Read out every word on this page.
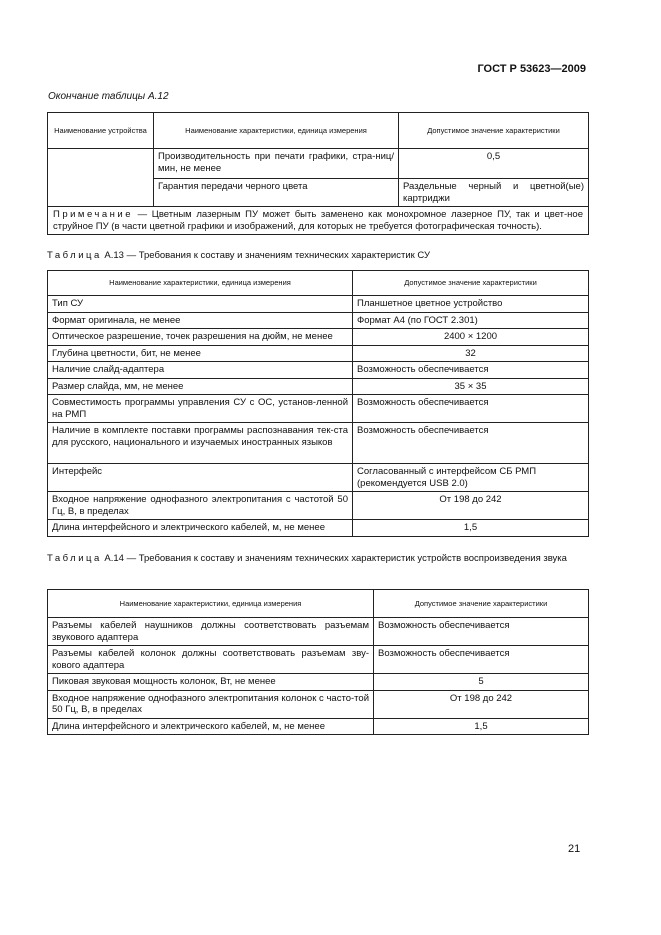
ГОСТ Р 53623—2009
Окончание таблицы А.12
Наименование устройства	Наименование характеристики, единица измерения	Допустимое значение характеристики
	Производительность при печати графики, стра-ниц/мин, не менее	0,5
	Гарантия передачи черного цвета	Раздельные черный и цветной(ые) картриджи
Примечание — Цветным лазерным ПУ может быть заменено как монохромное лазерное ПУ, так и цвет-ное струйное ПУ (в части цветной графики и изображений, для которых не требуется фотографическая точность).		
Таблица А.13 — Требования к составу и значениям технических характеристик СУ
Наименование характеристики, единица измерения	Допустимое значение характеристики
Тип СУ	Планшетное цветное устройство
Формат оригинала, не менее	Формат А4 (по ГОСТ 2.301)
Оптическое разрешение, точек разрешения на дюйм, не менее	2400 × 1200
Глубина цветности, бит, не менее	32
Наличие слайд-адаптера	Возможность обеспечивается
Размер слайда, мм, не менее	35 × 35
Совместимость программы управления СУ с ОС, установ-ленной на РМП	Возможность обеспечивается
Наличие в комплекте поставки программы распознавания тек-ста для русского, национального и изучаемых иностранных языков	Возможность обеспечивается
Интерфейс	Согласованный с интерфейсом СБ РМП (рекомендуется USB 2.0)
Входное напряжение однофазного электропитания с частотой 50 Гц, В, в пределах	От 198 до 242
Длина интерфейсного и электрического кабелей, м, не менее	1,5
Таблица А.14 — Требования к составу и значениям технических характеристик устройств воспроизведения звука
Наименование характеристики, единица измерения	Допустимое значение характеристики
Разъемы кабелей наушников должны соответствовать разъемам звукового адаптера	Возможность обеспечивается
Разъемы кабелей колонок должны соответствовать разъемам зву-кового адаптера	Возможность обеспечивается
Пиковая звуковая мощность колонок, Вт, не менее	5
Входное напряжение однофазного электропитания колонок с часто-той 50 Гц, В, в пределах	От 198 до 242
Длина интерфейсного и электрического кабелей, м, не менее	1,5
21
